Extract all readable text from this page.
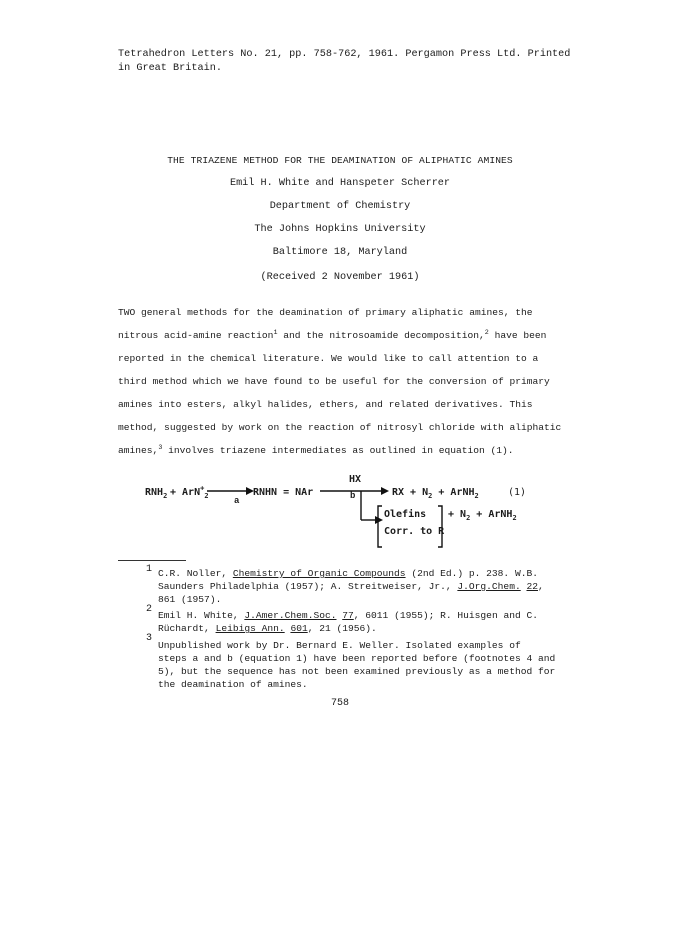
Tetrahedron Letters No. 21, pp. 758-762, 1961. Pergamon Press Ltd. Printed
in Great Britain.
THE TRIAZENE METHOD FOR THE DEAMINATION OF ALIPHATIC AMINES
Emil H. White and Hanspeter Scherrer
Department of Chemistry
The Johns Hopkins University
Baltimore 18, Maryland
(Received 2 November 1961)
TWO general methods for the deamination of primary aliphatic amines, the
nitrous acid-amine reaction$^1$ and the nitrosoamide decomposition,$^2$ have been
reported in the chemical literature. We would like to call attention to a
third method which we have found to be useful for the conversion of primary
amines into esters, alkyl halides, ethers, and related derivatives. This
method, suggested by work on the reaction of nitrosyl chloride with aliphatic
amines,$^3$ involves triazene intermediates as outlined in equation (1).
$RNH_2 + ArN^+_2$	a
RNHN = NAr
HX
b	RX + $N_2$ + ArNH$_2$	(1)
Olefins
Corr. to R
+ $N_2$ + ArNH$_2$
1 C.R. Noller, Chemistry of Organic Compounds (2nd Ed.) p. 238. W.B.
Saunders Philadelphia (1957); A. Streitweiser, Jr., J.Org.Chem. 22,
861 (1957).
2
Emil H. White, J.Amer.Chem.Soc. 77, 6011 (1955); R. Huisgen and C.
Rüchardt, Leibigs Ann. 601, 21 (1956).
3
Unpublished work by Dr. Bernard E. Weller. Isolated examples of
steps a and b (equation 1) have been reported before (footnotes 4 and
5), but the sequence has not been examined previously as a method for
the deamination of amines.
758
